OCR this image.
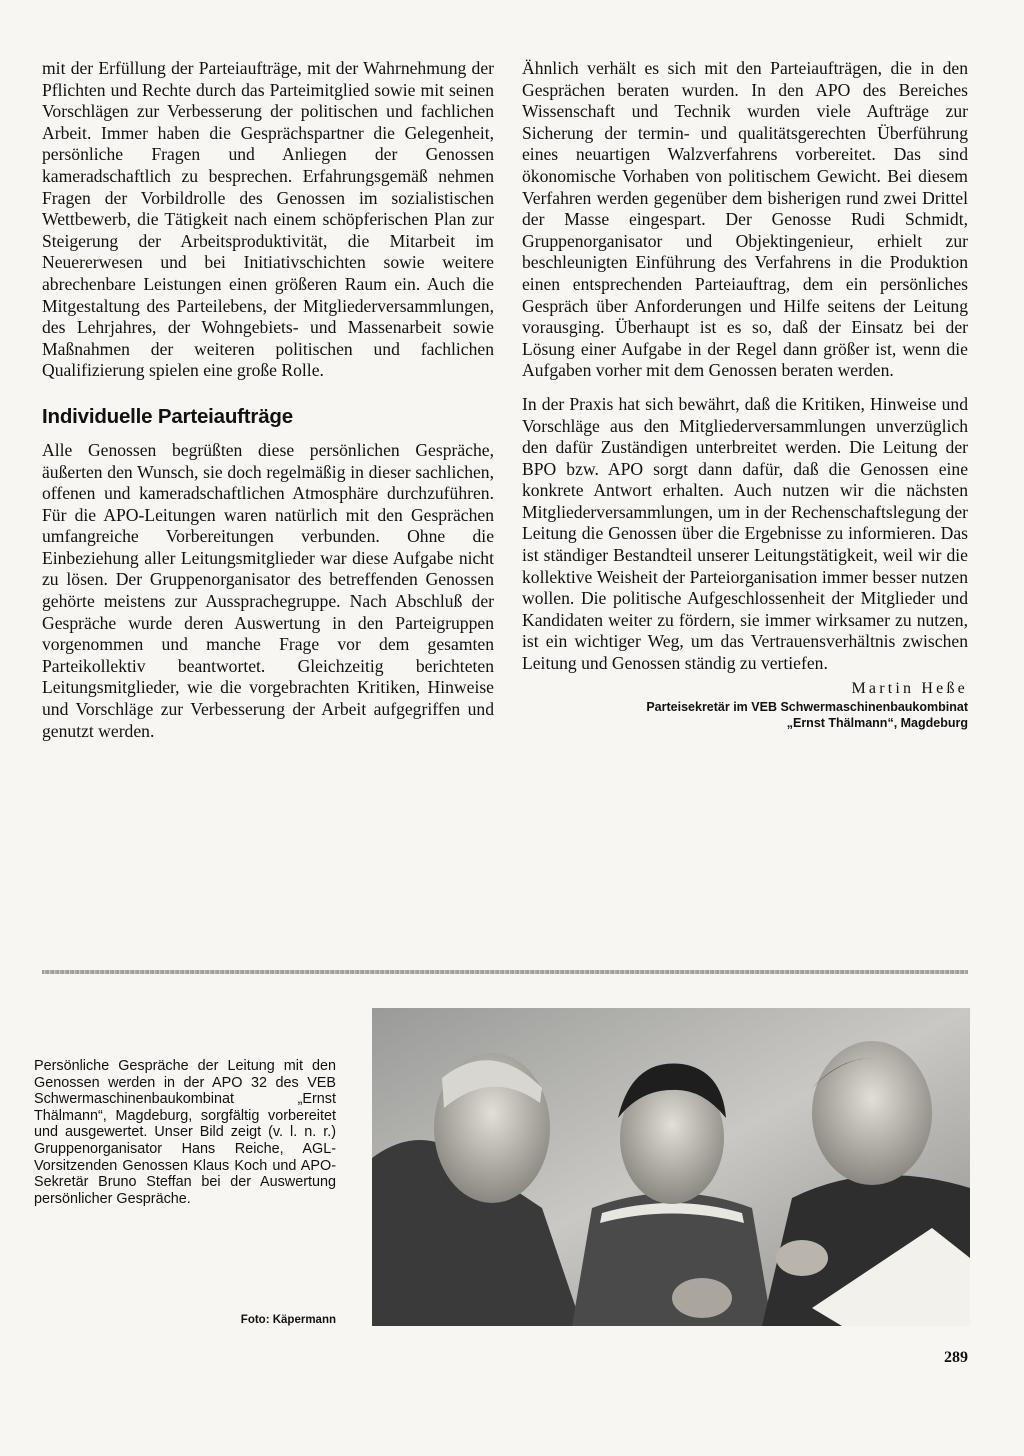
mit der Erfüllung der Parteiaufträge, mit der Wahrnehmung der Pflichten und Rechte durch das Parteimitglied sowie mit seinen Vorschlägen zur Verbesserung der politischen und fachlichen Arbeit. Immer haben die Gesprächspartner die Gelegenheit, persönliche Fragen und Anliegen der Genossen kameradschaftlich zu besprechen. Erfahrungsgemäß nehmen Fragen der Vorbildrolle des Genossen im sozialistischen Wettbewerb, die Tätigkeit nach einem schöpferischen Plan zur Steigerung der Arbeitsproduktivität, die Mitarbeit im Neuererwesen und bei Initiativschichten sowie weitere abrechenbare Leistungen einen größeren Raum ein. Auch die Mitgestaltung des Parteilebens, der Mitgliederversammlungen, des Lehrjahres, der Wohngebiets- und Massenarbeit sowie Maßnahmen der weiteren politischen und fachlichen Qualifizierung spielen eine große Rolle.

Individuelle Parteiaufträge

Alle Genossen begrüßten diese persönlichen Gespräche, äußerten den Wunsch, sie doch regelmäßig in dieser sachlichen, offenen und kameradschaftlichen Atmosphäre durchzuführen. Für die APO-Leitungen waren natürlich mit den Gesprächen umfangreiche Vorbereitungen verbunden. Ohne die Einbeziehung aller Leitungsmitglieder war diese Aufgabe nicht zu lösen. Der Gruppenorganisator des betreffenden Genossen gehörte meistens zur Aussprachegruppe. Nach Abschluß der Gespräche wurde deren Auswertung in den Parteigruppen vorgenommen und manche Frage vor dem gesamten Parteikollektiv beantwortet. Gleichzeitig berichteten Leitungsmitglieder, wie die vorgebrachten Kritiken, Hinweise und Vorschläge zur Verbesserung der Arbeit aufgegriffen und genutzt werden.

Ähnlich verhält es sich mit den Parteiaufträgen, die in den Gesprächen beraten wurden. In den APO des Bereiches Wissenschaft und Technik wurden viele Aufträge zur Sicherung der termin- und qualitätsgerechten Überführung eines neuartigen Walzverfahrens vorbereitet. Das sind ökonomische Vorhaben von politischem Gewicht. Bei diesem Verfahren werden gegenüber dem bisherigen rund zwei Drittel der Masse eingespart. Der Genosse Rudi Schmidt, Gruppenorganisator und Objektingenieur, erhielt zur beschleunigten Einführung des Verfahrens in die Produktion einen entsprechenden Parteiauftrag, dem ein persönliches Gespräch über Anforderungen und Hilfe seitens der Leitung vorausging. Überhaupt ist es so, daß der Einsatz bei der Lösung einer Aufgabe in der Regel dann größer ist, wenn die Aufgaben vorher mit dem Genossen beraten werden.

In der Praxis hat sich bewährt, daß die Kritiken, Hinweise und Vorschläge aus den Mitgliederversammlungen unverzüglich den dafür Zuständigen unterbreitet werden. Die Leitung der BPO bzw. APO sorgt dann dafür, daß die Genossen eine konkrete Antwort erhalten. Auch nutzen wir die nächsten Mitgliederversammlungen, um in der Rechenschaftslegung der Leitung die Genossen über die Ergebnisse zu informieren. Das ist ständiger Bestandteil unserer Leitungstätigkeit, weil wir die kollektive Weisheit der Parteiorganisation immer besser nutzen wollen. Die politische Aufgeschlossenheit der Mitglieder und Kandidaten weiter zu fördern, sie immer wirksamer zu nutzen, ist ein wichtiger Weg, um das Vertrauensverhältnis zwischen Leitung und Genossen ständig zu vertiefen.

Martin Heße
Parteisekretär im VEB Schwermaschinenbaukombinat
„Ernst Thälmann“, Magdeburg
Persönliche Gespräche der Leitung mit den Genossen werden in der APO 32 des VEB Schwermaschinenbaukombinat „Ernst Thälmann“, Magdeburg, sorgfältig vorbereitet und ausgewertet. Unser Bild zeigt (v. l. n. r.) Gruppenorganisator Hans Reiche, AGL-Vorsitzenden Genossen Klaus Koch und APO-Sekretär Bruno Steffan bei der Auswertung persönlicher Gespräche.
Foto: Käpermann
289
